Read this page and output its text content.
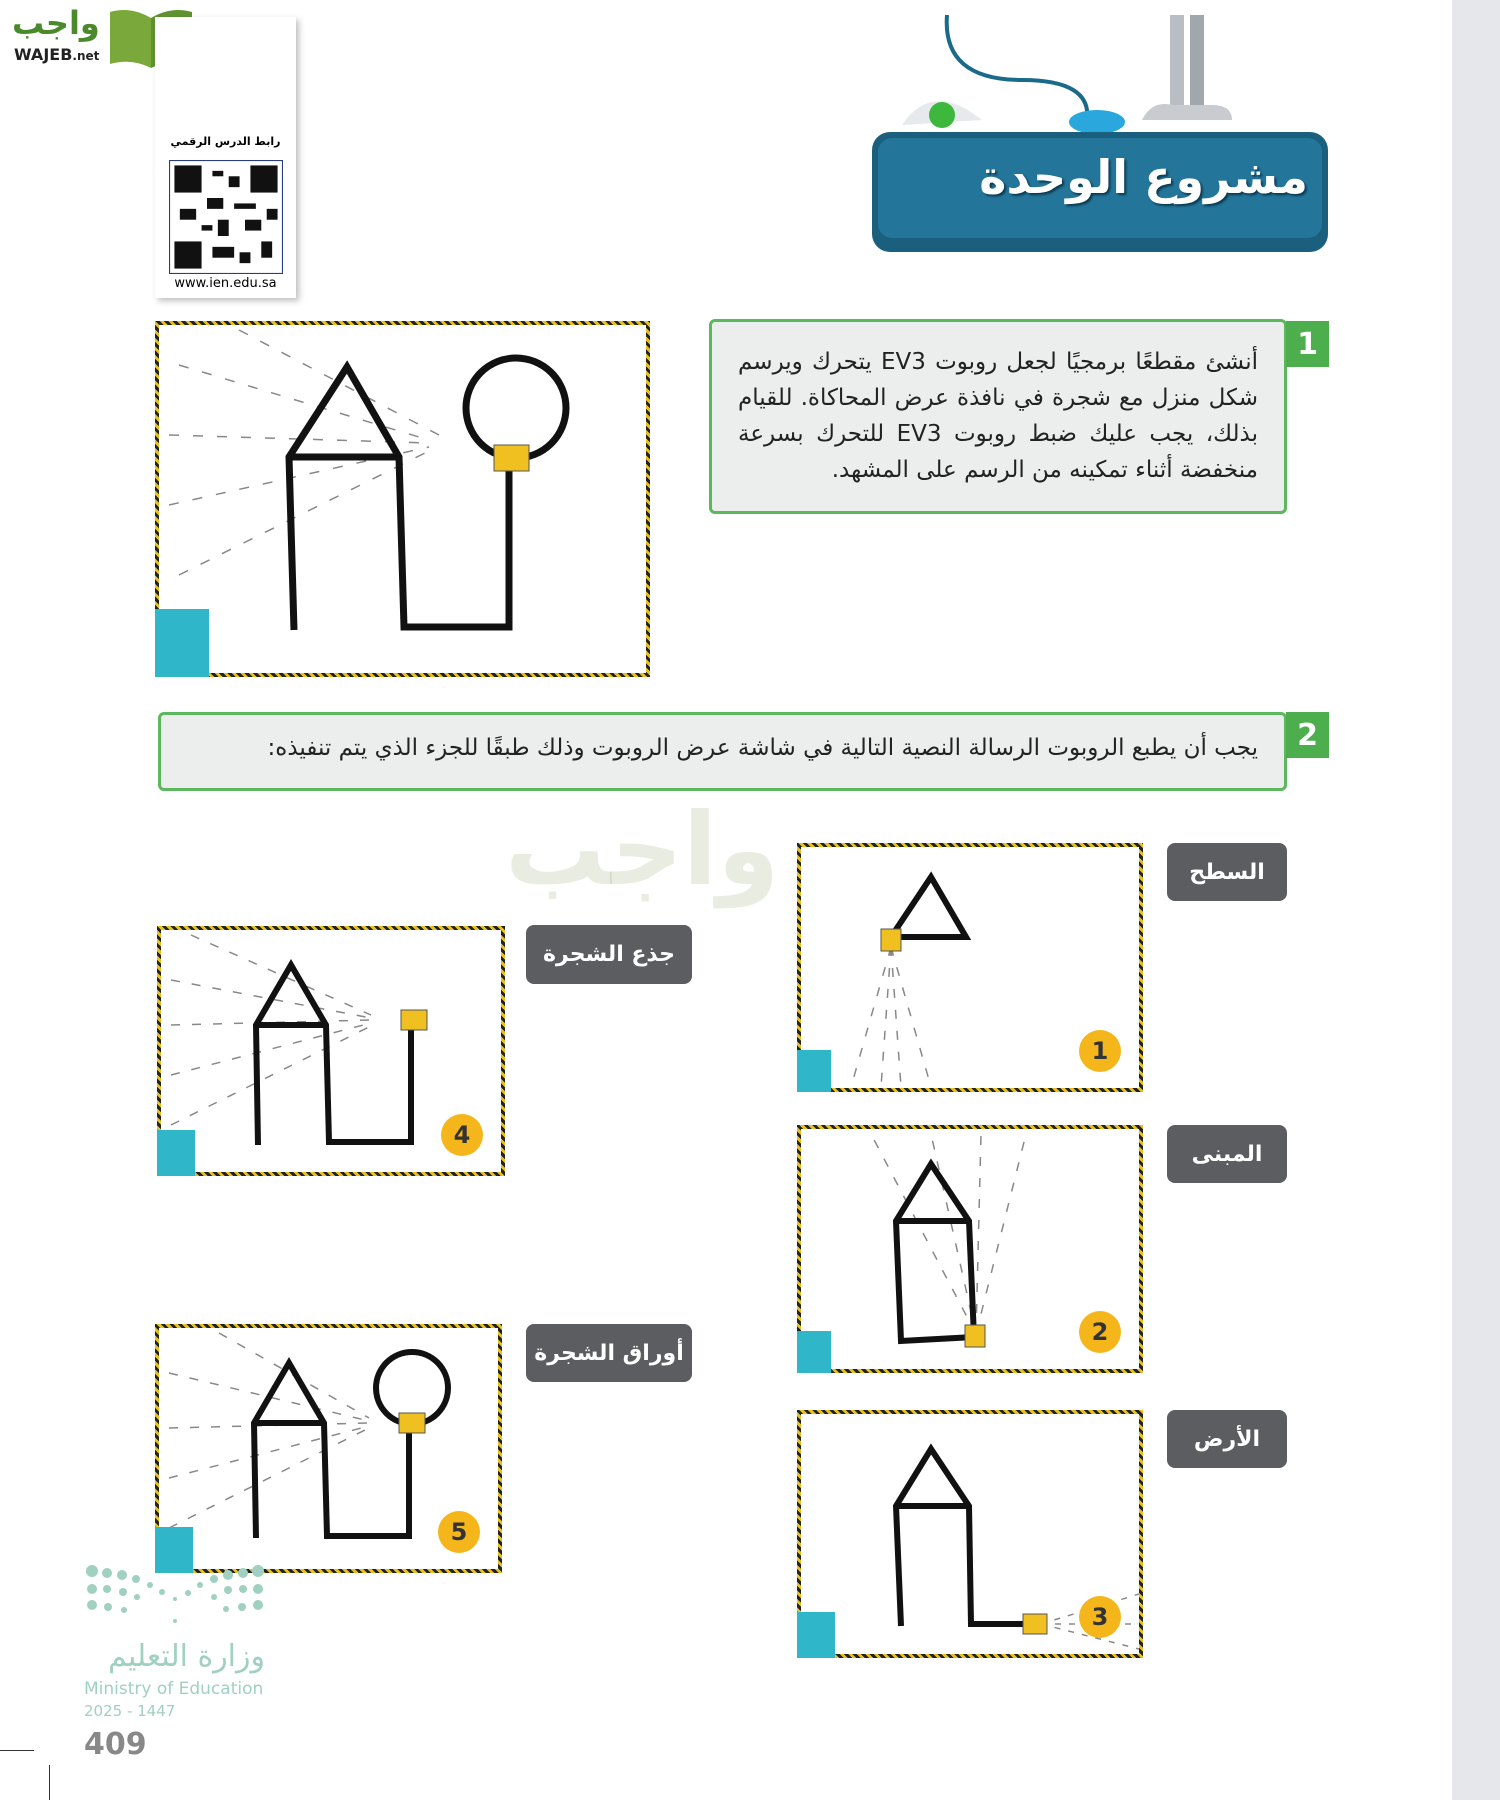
واجب
WAJEB.net
رابط الدرس الرقمي
www.ien.edu.sa
مشروع الوحدة
أنشئ مقطعًا برمجيًا لجعل روبوت EV3 يتحرك ويرسم شكل منزل مع شجرة في نافذة عرض المحاكاة. للقيام بذلك، يجب عليك ضبط روبوت EV3 للتحرك بسرعة منخفضة أثناء تمكينه من الرسم على المشهد.
1
يجب أن يطبع الروبوت الرسالة النصية التالية في شاشة عرض الروبوت وذلك طبقًا للجزء الذي يتم تنفيذه:	2
واجب
1
السطح
2
المبنى
3
الأرض
4
جذع الشجرة
5
أوراق الشجرة
وزارة التعليم
Ministry of Education
2025 - 1447
409
